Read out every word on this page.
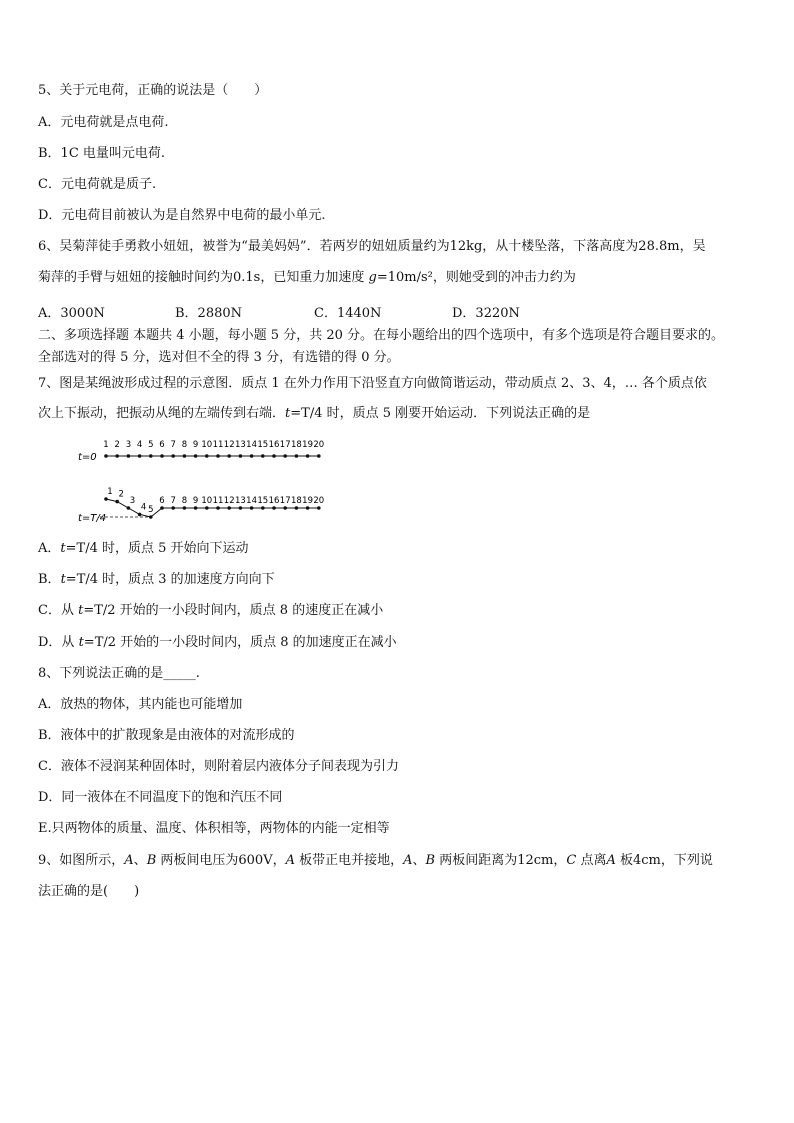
5、关于元电荷，正确的说法是（　　）
A．元电荷就是点电荷.
B．1C 电量叫元电荷.
C．元电荷就是质子.
D．元电荷目前被认为是自然界中电荷的最小单元.
6、吴菊萍徒手勇救小妞妞，被誉为“最美妈妈”．若两岁的妞妞质量约为12kg，从十楼坠落，下落高度为28.8m，吴
菊萍的手臂与妞妞的接触时间约为0.1s，已知重力加速度 g=10m/s²，则她受到的冲击力约为
A．3000N	B．2880N	C．1440N	D．3220N
二、多项选择题 本题共 4 小题，每小题 5 分，共 20 分。在每小题给出的四个选项中，有多个选项是符合题目要求的。
全部选对的得 5 分，选对但不全的得 3 分，有选错的得 0 分。
7、图是某绳波形成过程的示意图．质点 1 在外力作用下沿竖直方向做简谐运动，带动质点 2、3、4，… 各个质点依
次上下振动，把振动从绳的左端传到右端．t=T/4 时，质点 5 刚要开始运动．下列说法正确的是
t=0
1 2 3 4 5 6 7 8 9 10 11 12 13 14 15 16 17 18 19 20
t=T/4
1 2
3
4 5
6 7 8 9 10 11 12 13 14 15 16 17 18 19 20
A．t=T/4 时，质点 5 开始向下运动
B．t=T/4 时，质点 3 的加速度方向向下
C．从 t=T/2 开始的一小段时间内，质点 8 的速度正在减小
D．从 t=T/2 开始的一小段时间内，质点 8 的加速度正在减小
8、下列说法正确的是_____.
A．放热的物体，其内能也可能增加
B．液体中的扩散现象是由液体的对流形成的
C．液体不浸润某种固体时，则附着层内液体分子间表现为引力
D．同一液体在不同温度下的饱和汽压不同
E.只两物体的质量、温度、体积相等，两物体的内能一定相等
9、如图所示，A、B 两板间电压为600V，A 板带正电并接地，A、B 两板间距离为12cm，C 点离A 板4cm，下列说
法正确的是(　　)
